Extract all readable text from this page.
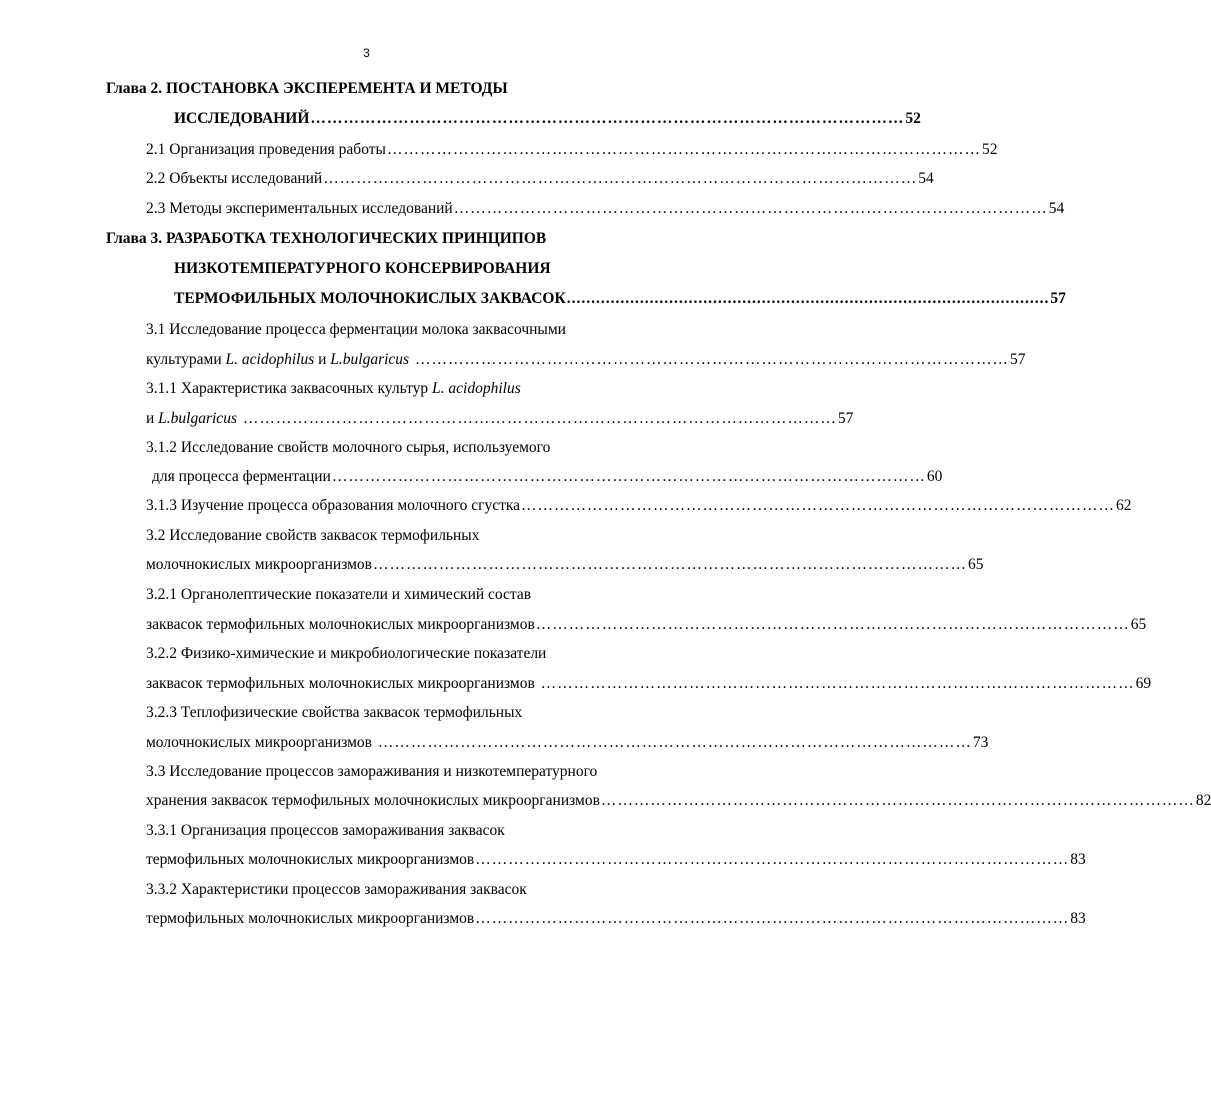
3
Глава 2. ПОСТАНОВКА ЭКСПЕРЕМЕНТА И МЕТОДЫ
ИССЛЕДОВАНИЙ ……………………………………………………………………………………………… 52
2.1 Организация проведения работы ……………………………………………………………………………………………… 52
2.2 Объекты исследований ……………………………………………………………………………………………… 54
2.3 Методы экспериментальных исследований ……………………………………………………………………………………………… 54
Глава 3. РАЗРАБОТКА ТЕХНОЛОГИЧЕСКИХ ПРИНЦИПОВ
НИЗКОТЕМПЕРАТУРНОГО КОНСЕРВИРОВАНИЯ
ТЕРМОФИЛЬНЫХ МОЛОЧНОКИСЛЫХ ЗАКВАСОК ................................................................................................... 57
3.1 Исследование процесса ферментации молока заквасочными
культурами L. acidophilus и L.bulgaricus ……………………………………………………………………………………………… 57
3.1.1 Характеристика заквасочных культур L. acidophilus
и L.bulgaricus ……………………………………………………………………………………………… 57
3.1.2 Исследование свойств молочного сырья, используемого
для процесса ферментации ……………………………………………………………………………………………… 60
3.1.3 Изучение процесса образования молочного сгустка ……………………………………………………………………………………………… 62
3.2 Исследование свойств заквасок термофильных
молочнокислых микроорганизмов ……………………………………………………………………………………………… 65
3.2.1 Органолептические показатели и химический состав
заквасок термофильных молочнокислых микроорганизмов ……………………………………………………………………………………………… 65
3.2.2 Физико-химические и микробиологические показатели
заквасок термофильных молочнокислых микроорганизмов ……………………………………………………………………………………………… 69
3.2.3 Теплофизические свойства заквасок термофильных
молочнокислых микроорганизмов ……………………………………………………………………………………………… 73
3.3 Исследование процессов замораживания и низкотемпературного
хранения заквасок термофильных молочнокислых микроорганизмов ……………………………………………………………………………………………… 82
3.3.1 Организация процессов замораживания заквасок
термофильных молочнокислых микроорганизмов ……………………………………………………………………………………………… 83
3.3.2 Характеристики процессов замораживания заквасок
термофильных молочнокислых микроорганизмов ……………………………………………………………………………………………… 83
